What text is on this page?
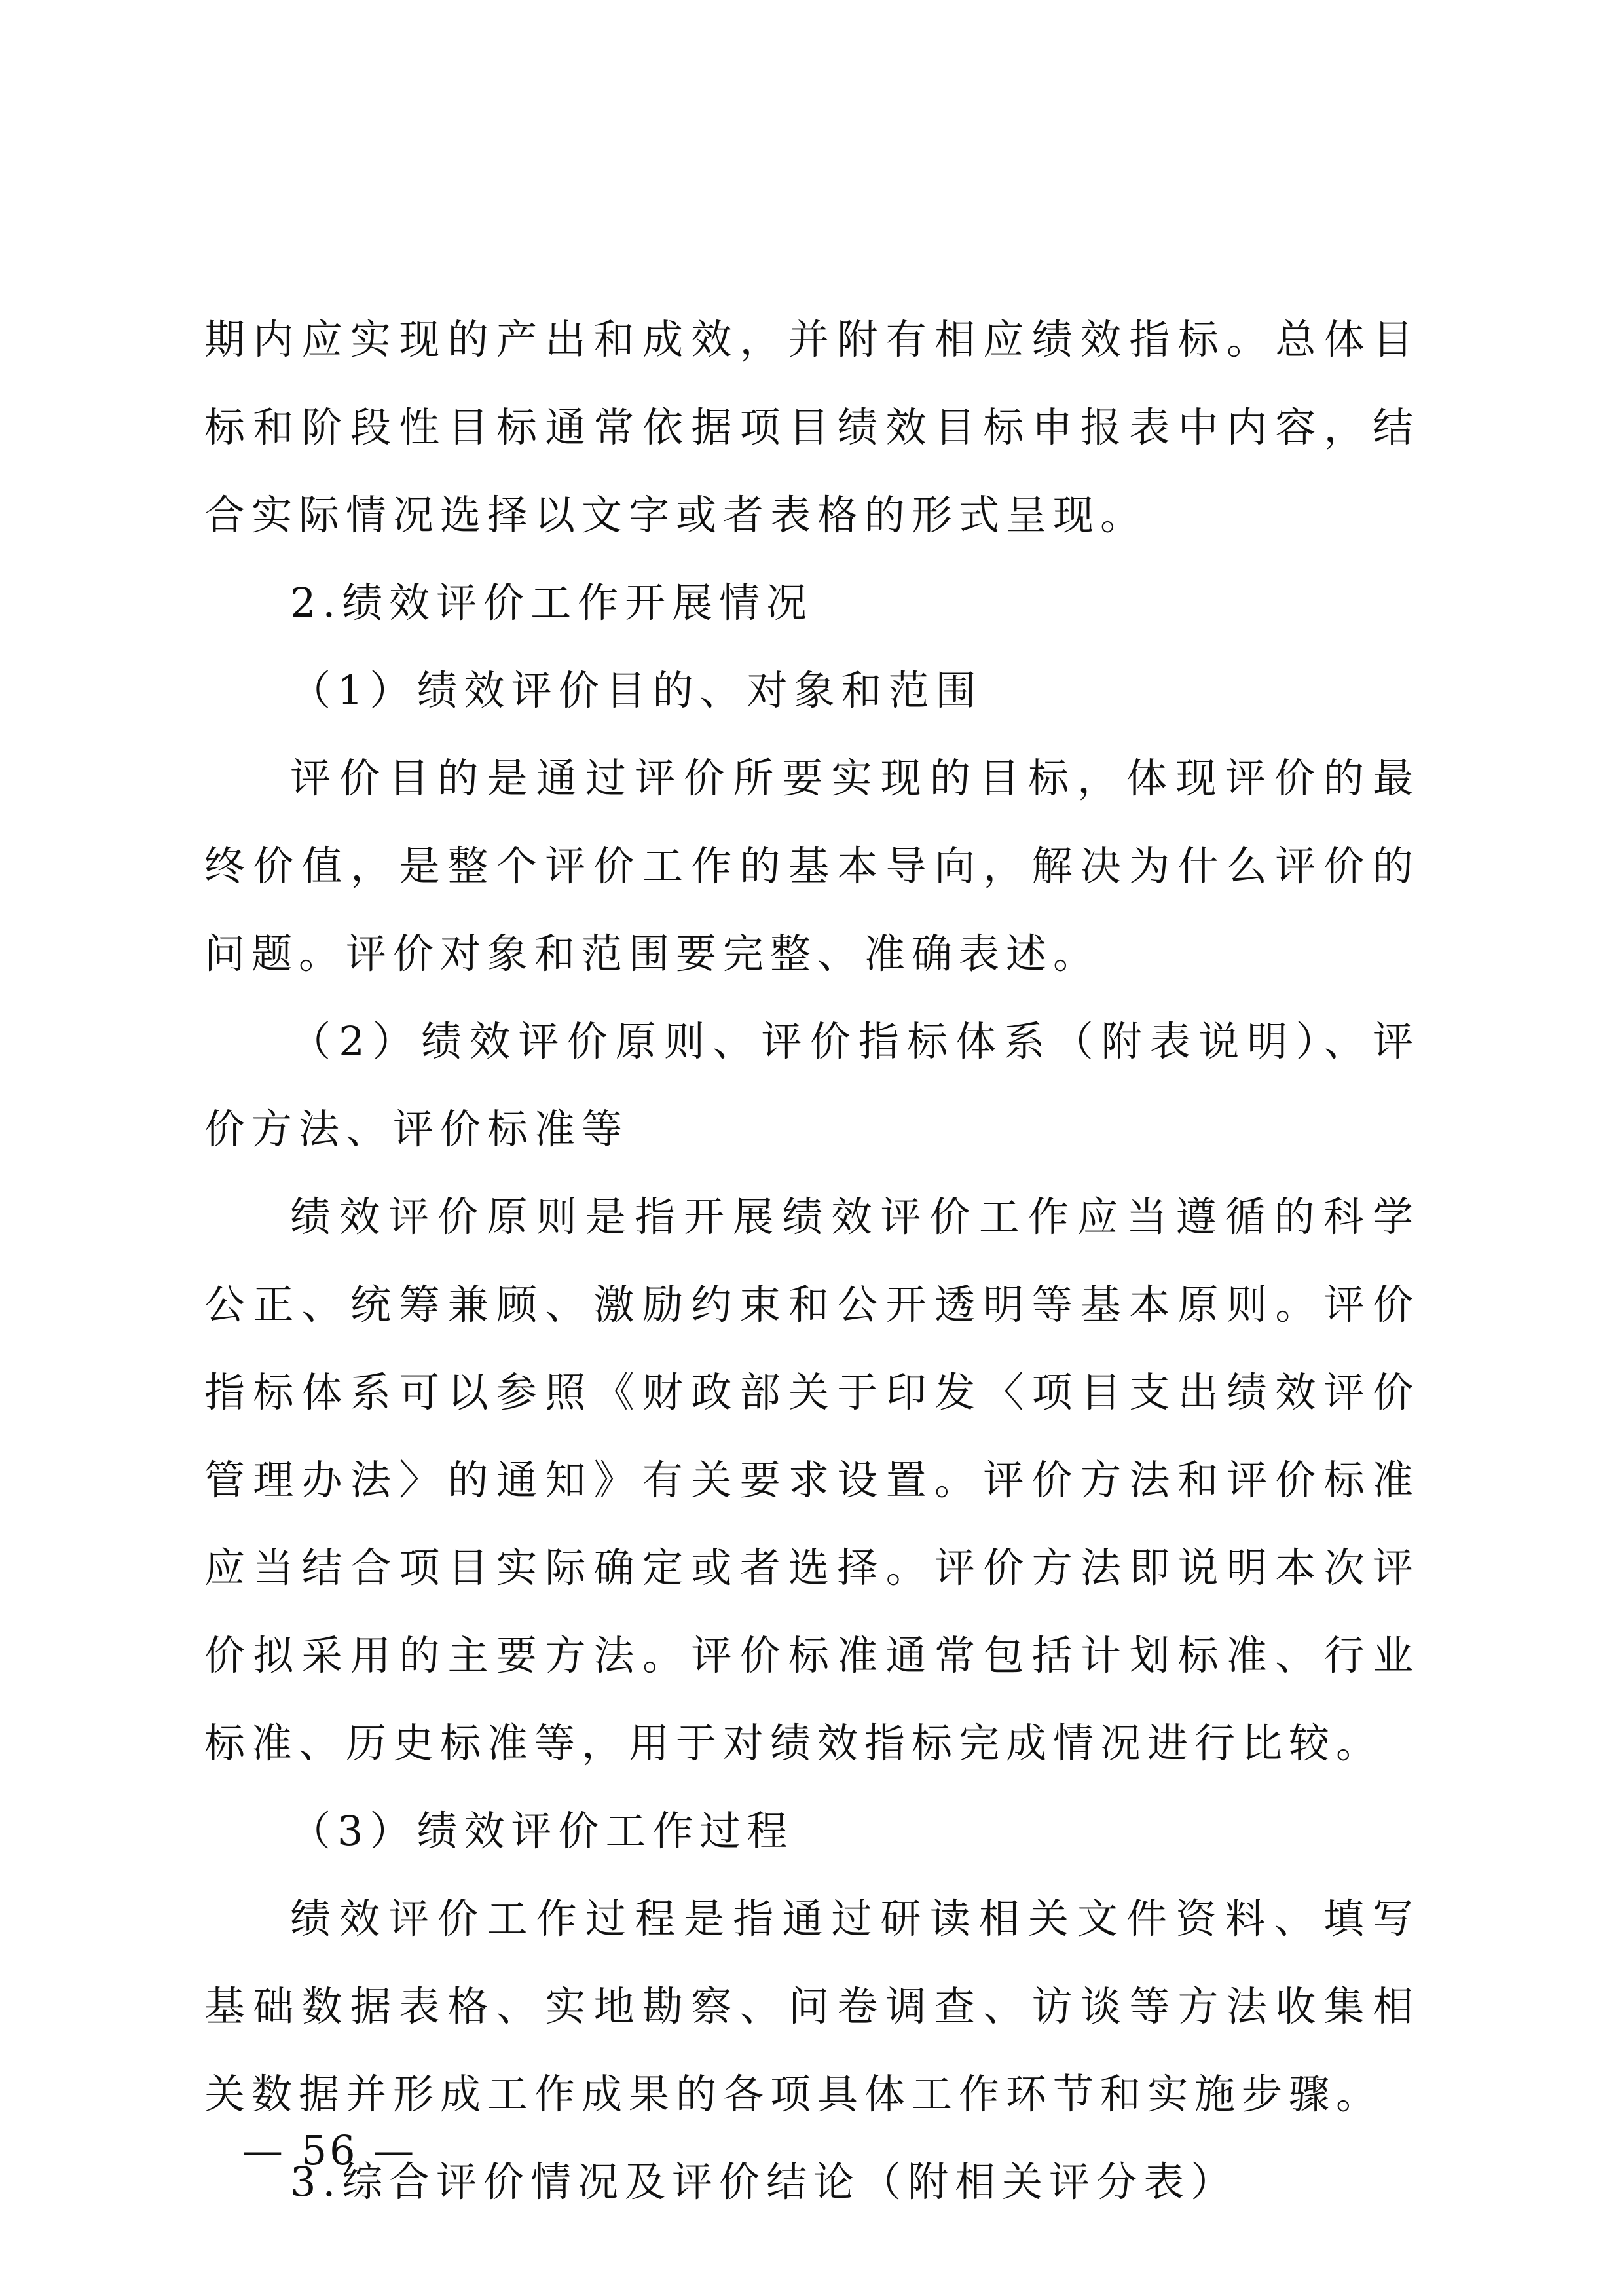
期内应实现的产出和成效，并附有相应绩效指标。总体目标和阶段性目标通常依据项目绩效目标申报表中内容，结合实际情况选择以文字或者表格的形式呈现。

2.绩效评价工作开展情况

（1）绩效评价目的、对象和范围

评价目的是通过评价所要实现的目标，体现评价的最终价值，是整个评价工作的基本导向，解决为什么评价的问题。评价对象和范围要完整、准确表述。

（2）绩效评价原则、评价指标体系（附表说明）、评价方法、评价标准等

绩效评价原则是指开展绩效评价工作应当遵循的科学公正、统筹兼顾、激励约束和公开透明等基本原则。评价指标体系可以参照《财政部关于印发〈项目支出绩效评价管理办法〉的通知》有关要求设置。评价方法和评价标准应当结合项目实际确定或者选择。评价方法即说明本次评价拟采用的主要方法。评价标准通常包括计划标准、行业标准、历史标准等，用于对绩效指标完成情况进行比较。

（3）绩效评价工作过程

绩效评价工作过程是指通过研读相关文件资料、填写基础数据表格、实地勘察、问卷调查、访谈等方法收集相关数据并形成工作成果的各项具体工作环节和实施步骤。

3.综合评价情况及评价结论（附相关评分表）

— 56 —
